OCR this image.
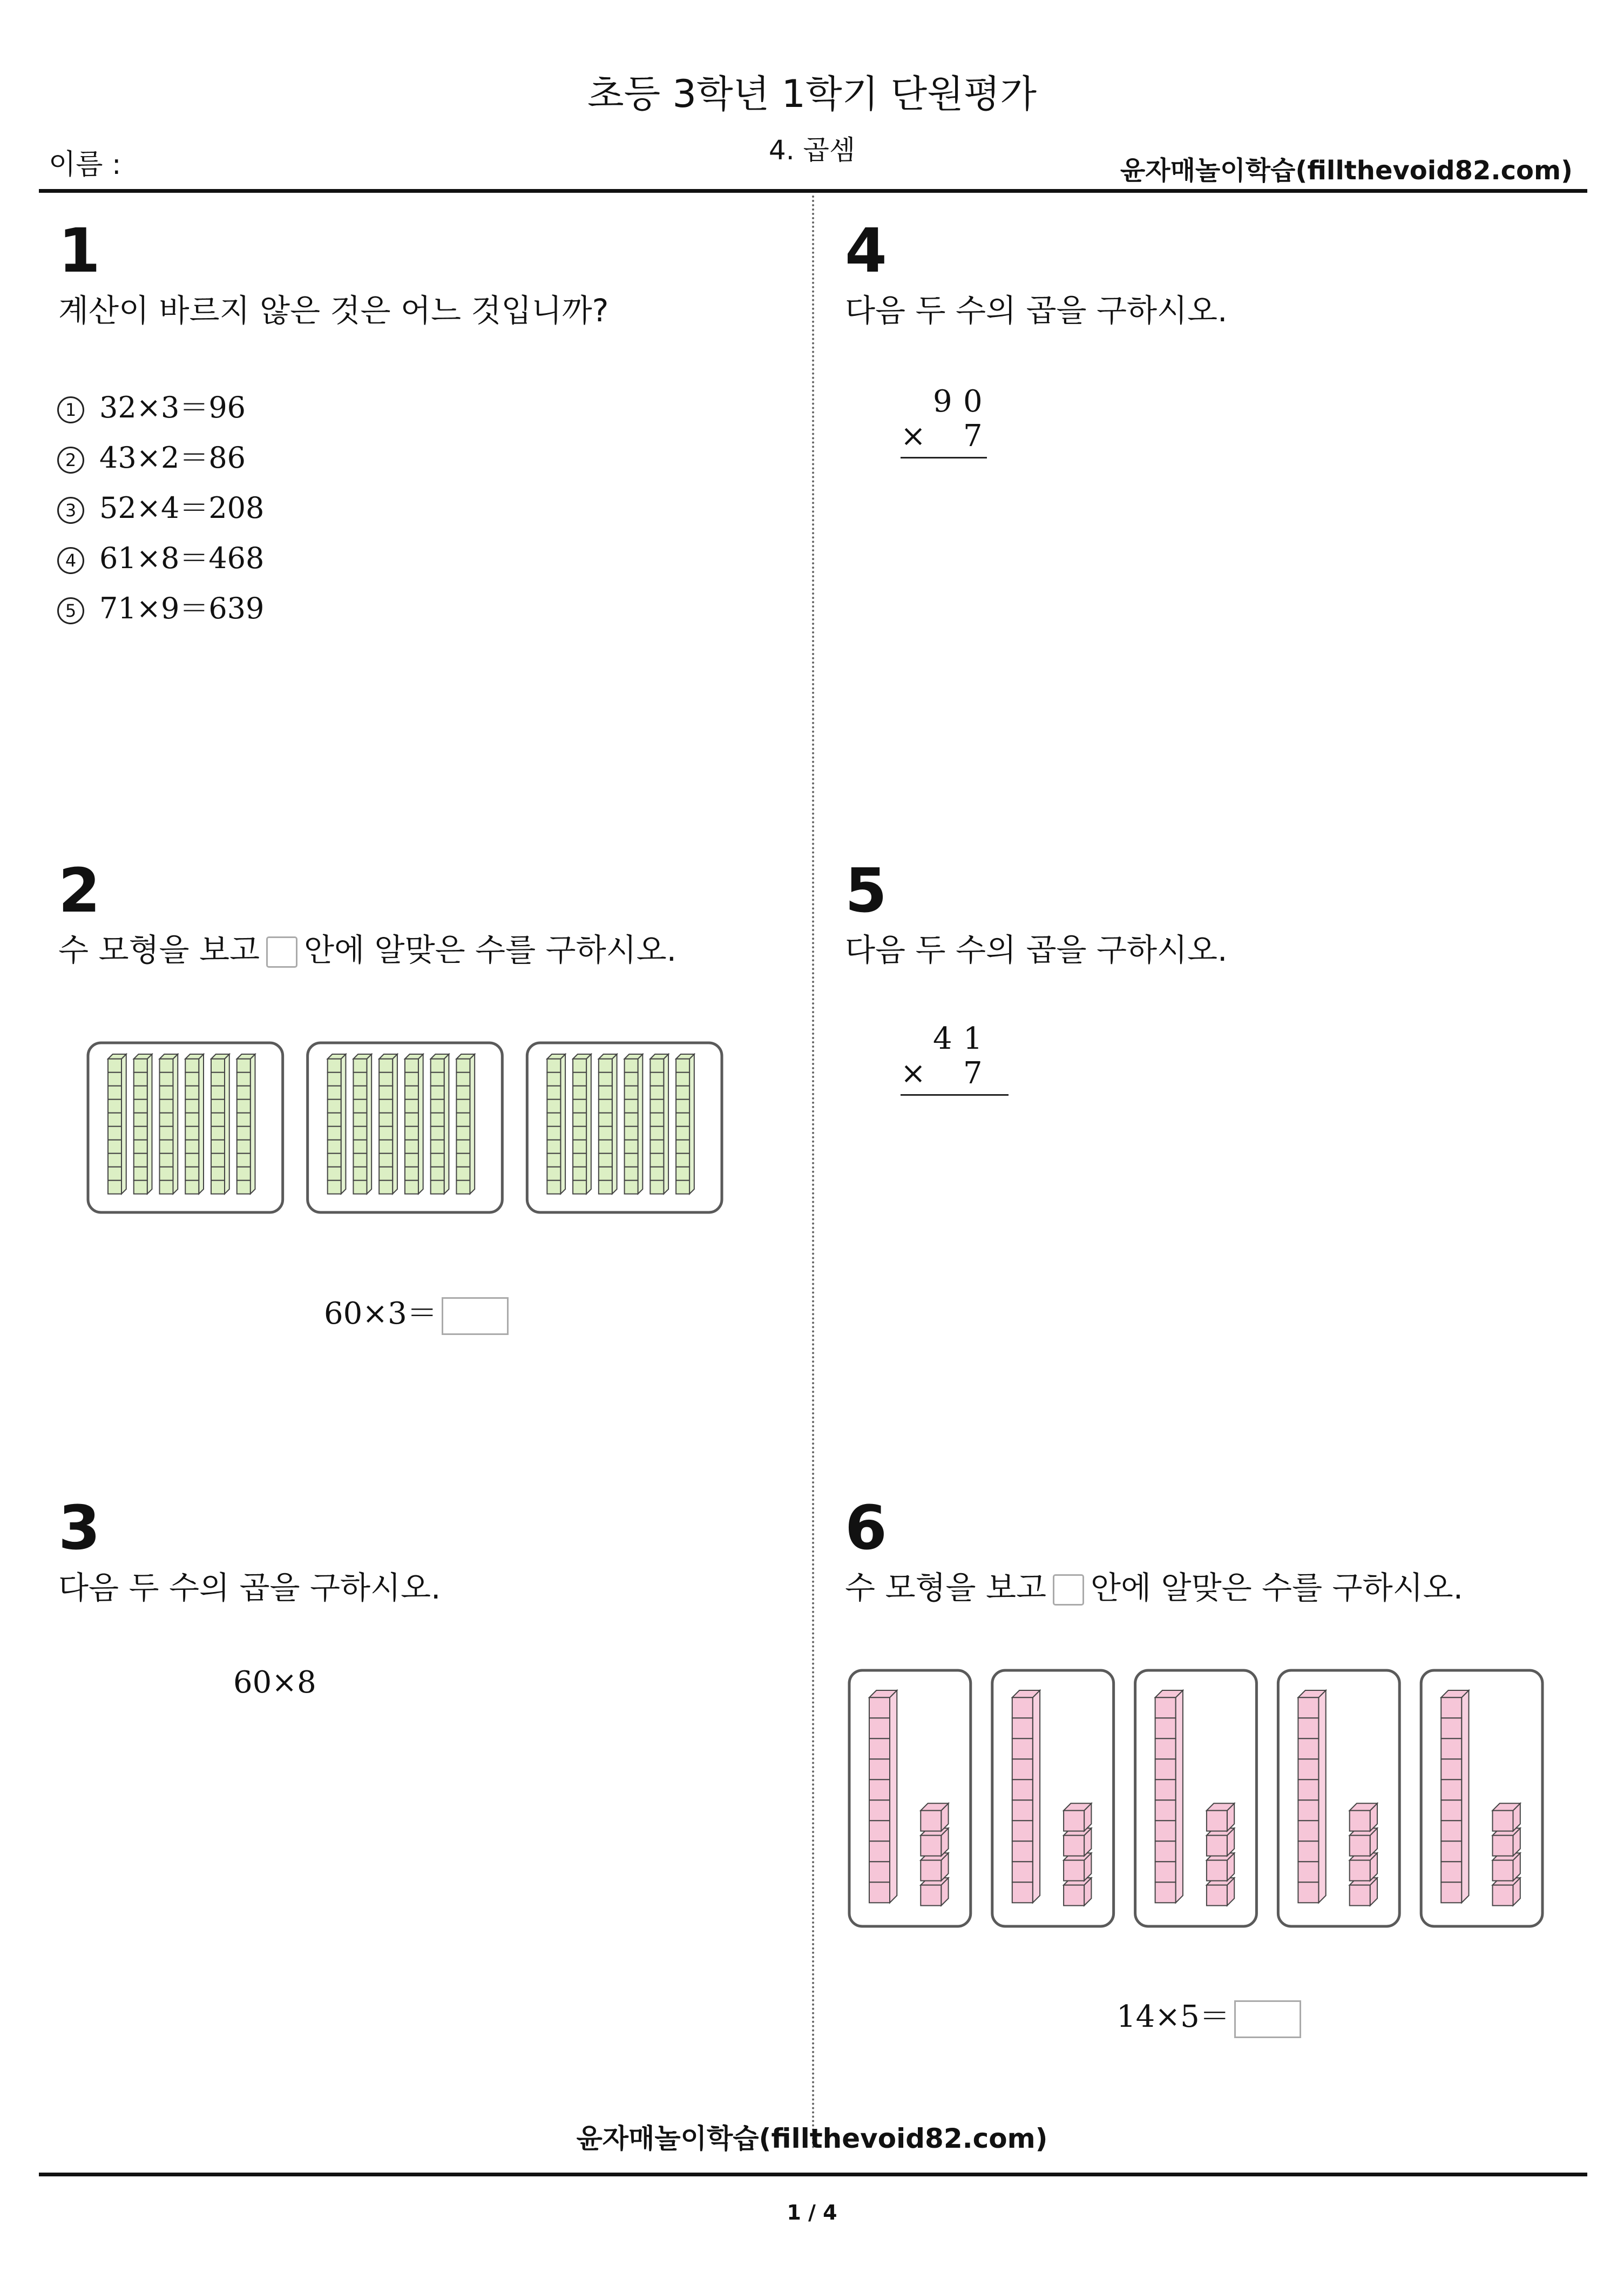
초등 3학년 1학기 단원평가
4. 곱셈
이름 :	윤자매놀이학습(fillthevoid82.com)
1
계산이 바르지 않은 것은 어느 것입니까?
1 32×3＝96
2 43×2＝86
3 52×4＝208
4 61×8＝468
5 71×9＝639
2
수 모형을 보고 안에 알맞은 수를 구하시오.
60×3＝
3
다음 두 수의 곱을 구하시오.
60×8
4
다음 두 수의 곱을 구하시오.
9 0
× 7
5
다음 두 수의 곱을 구하시오.
4 1
× 7
6
수 모형을 보고 안에 알맞은 수를 구하시오.
14×5＝
윤자매놀이학습(fillthevoid82.com)
1 / 4
